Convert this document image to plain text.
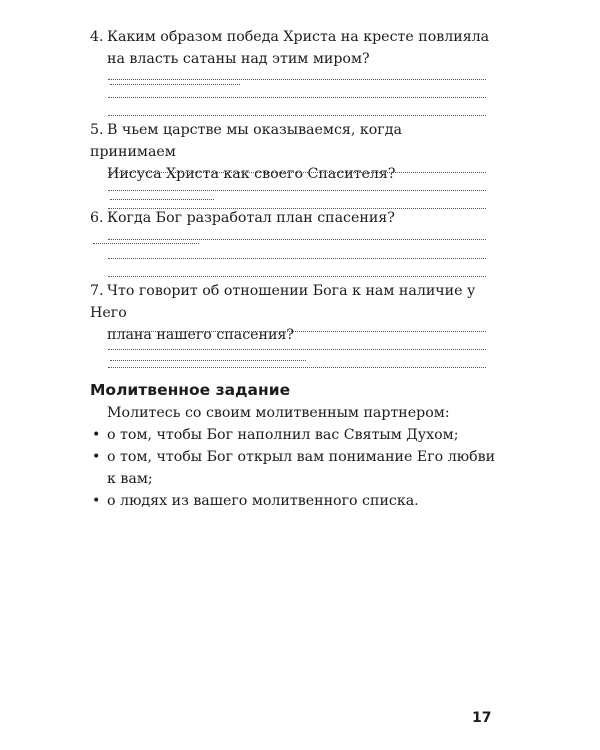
4. Каким образом победа Христа на кресте повлияла
на власть сатаны над этим миром?
5. В чьем царстве мы оказываемся, когда принимаем
Иисуса Христа как своего Спасителя?
6. Когда Бог разработал план спасения?
7. Что говорит об отношении Бога к нам наличие у Него
плана нашего спасения?
Молитвенное задание
Молитесь со своим молитвенным партнером:
• о том, чтобы Бог наполнил вас Святым Духом;
• о том, чтобы Бог открыл вам понимание Его любви к вам;
• о людях из вашего молитвенного списка.
17
